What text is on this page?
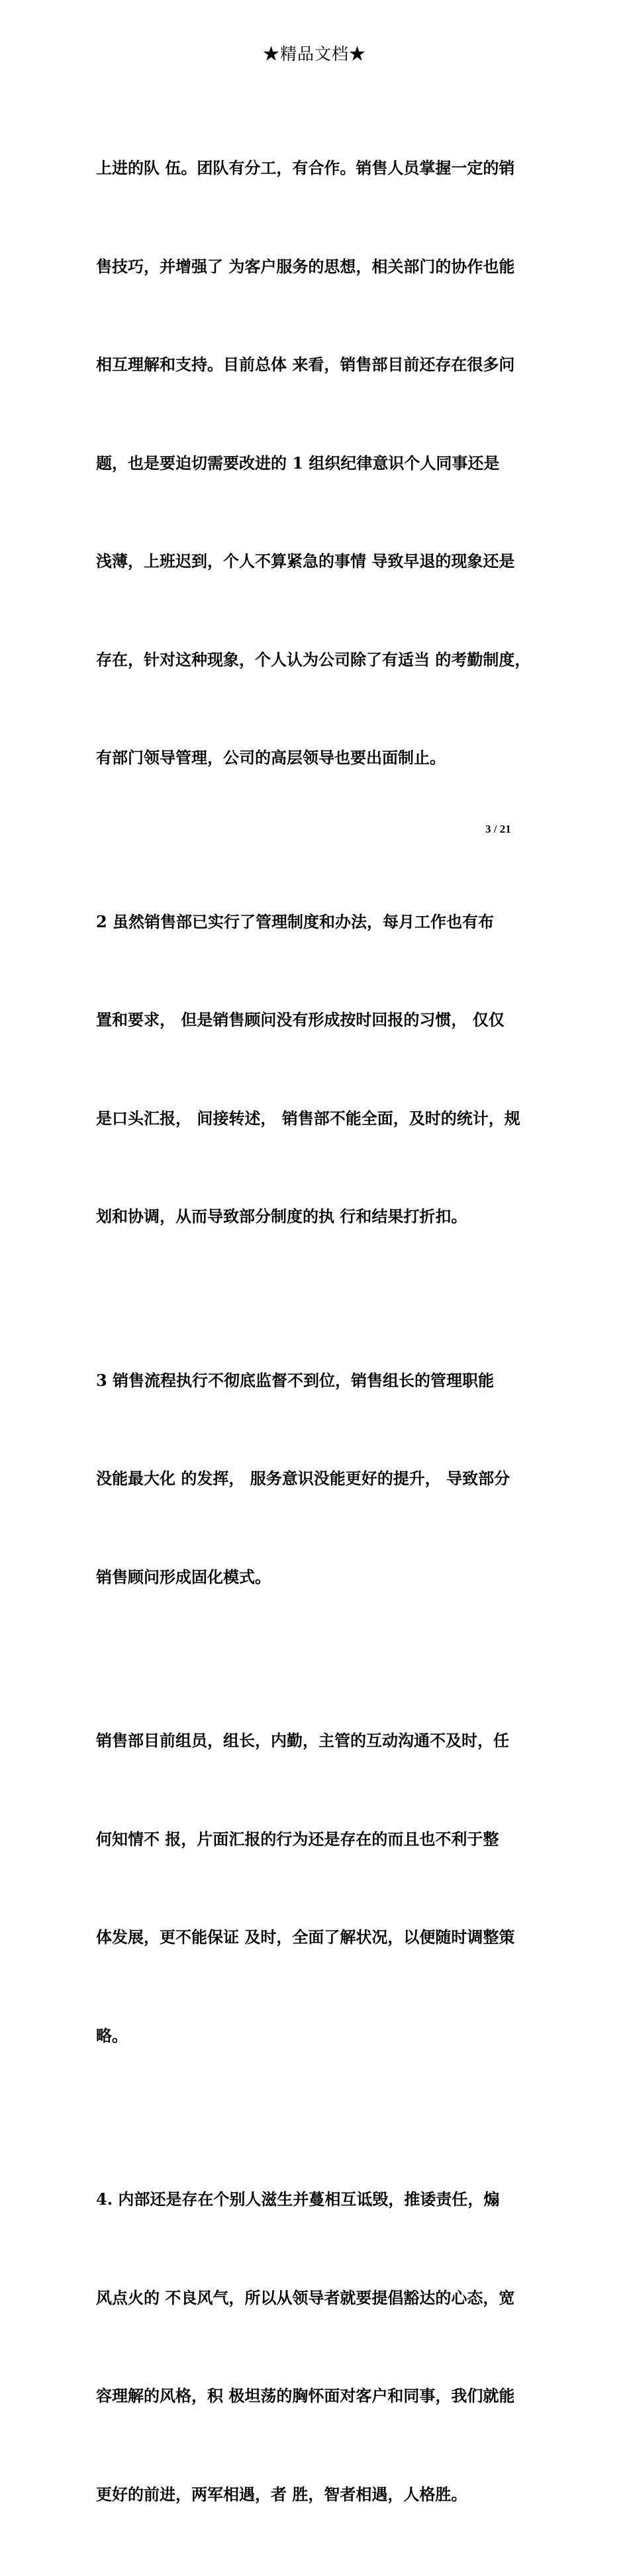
★精品文档★

上进的队 伍。团队有分工，有合作。销售人员掌握一定的销

售技巧，并增强了 为客户服务的思想，相关部门的协作也能

相互理解和支持。目前总体 来看，销售部目前还存在很多问

题，也是要迫切需要改进的 1 组织纪律意识个人同事还是

浅薄，上班迟到，个人不算紧急的事情 导致早退的现象还是

存在，针对这种现象，个人认为公司除了有适当 的考勤制度，

有部门领导管理，公司的高层领导也要出面制止。

2 虽然销售部已实行了管理制度和办法，每月工作也有布

置和要求， 但是销售顾问没有形成按时回报的习惯， 仅仅

是口头汇报， 间接转述， 销售部不能全面，及时的统计，规

划和协调，从而导致部分制度的执 行和结果打折扣。

3 销售流程执行不彻底监督不到位，销售组长的管理职能

没能最大化 的发挥， 服务意识没能更好的提升， 导致部分

销售顾问形成固化模式。

销售部目前组员，组长，内勤，主管的互动沟通不及时，任

何知情不 报，片面汇报的行为还是存在的而且也不利于整

体发展，更不能保证 及时，全面了解状况，以便随时调整策

略。

4. 内部还是存在个别人滋生并蔓相互诋毁，推诿责任，煽

风点火的 不良风气，所以从领导者就要提倡豁达的心态，宽

容理解的风格，积 极坦荡的胸怀面对客户和同事，我们就能

更好的前进，两军相遇，者 胜，智者相遇，人格胜。

3 / 21
